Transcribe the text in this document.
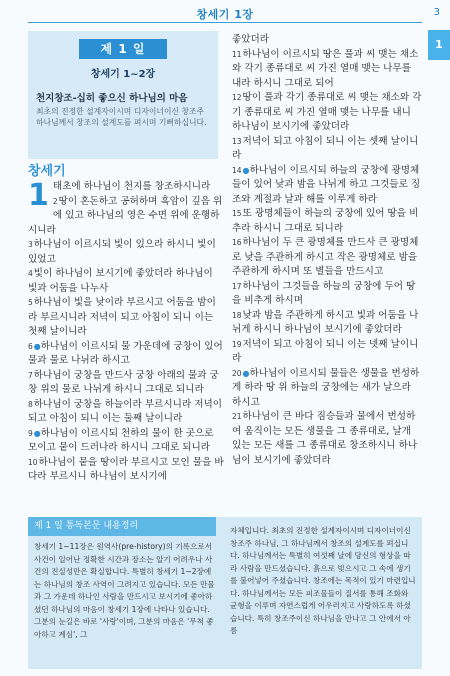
창세기 1장	3
1
제 1 일
창세기 1~2장
천지창조-십히 좋으신 하나님의 마음
최초의 진정한 설계자이시며 디자이너이신 창조주 하나님께서 창조의 설계도를 펴시며 기뻐하십니다.
창세기

1 태초에 하나님이 천지를 창조하시니라

2땅이 혼돈하고 공허하며 흑암이 깊음 위에 있고 하나님의 영은 수면 위에 운행하시니라

3하나님이 이르시되 빛이 있으라 하시니 빛이 있었고

4빛이 하나님이 보시기에 좋았더라 하나님이 빛과 어둠을 나누사

5하나님이 빛을 낮이라 부르시고 어둠을 밤이라 부르시니라 저녁이 되고 아침이 되니 이는 첫째 날이니라

6●하나님이 이르시되 물 가운데에 궁창이 있어 물과 물로 나뉘라 하시고

7하나님이 궁창을 만드사 궁창 아래의 물과 궁창 위의 물로 나뉘게 하시니 그대로 되니라

8하나님이 궁창을 하늘이라 부르시니라 저녁이 되고 아침이 되니 이는 둘째 날이니라

9●하나님이 이르시되 천하의 물이 한 곳으로 모이고 뭍이 드러나라 하시니 그대로 되니라

10하나님이 뭍을 땅이라 부르시고 모인 물을 바다라 부르시니 하나님이 보시기에

좋았더라

11하나님이 이르시되 땅은 풀과 씨 맺는 채소와 각기 종류대로 씨 가진 열매 맺는 나무를 내라 하시니 그대로 되어

12땅이 풀과 각기 종류대로 씨 맺는 채소와 각기 종류대로 씨 가진 열매 맺는 나무를 내니 하나님이 보시기에 좋았더라

13저녁이 되고 아침이 되니 이는 셋째 날이니라

14●하나님이 이르시되 하늘의 궁창에 광명체들이 있어 낮과 밤을 나뉘게 하고 그것들로 징조와 계절과 날과 해를 이루게 하라

15또 광명체들이 하늘의 궁창에 있어 땅을 비추라 하시니 그대로 되니라

16하나님이 두 큰 광명체를 만드사 큰 광명체로 낮을 주관하게 하시고 작은 광명체로 밤을 주관하게 하시며 또 별들을 만드시고

17하나님이 그것들을 하늘의 궁창에 두어 땅을 비추게 하시며

18낮과 밤을 주관하게 하시고 빛과 어둠을 나뉘게 하시니 하나님이 보시기에 좋았더라

19저녁이 되고 아침이 되니 이는 넷째 날이니라

20●하나님이 이르시되 물들은 생물을 번성하게 하라 땅 위 하늘의 궁창에는 새가 날으라 하시고

21하나님이 큰 바다 짐승들과 물에서 번성하여 움직이는 모든 생물을 그 종류대로, 날개 있는 모든 새를 그 종류대로 창조하시니 하나님이 보시기에 좋았더라

제 1 일 통독본문 내용정리
창세기 1~11장은 원역사(pre-history)의 기록으로서 사건이 일어난 정확한 시간과 장소는 알기 어려우나 사건의 진실성만은 확실합니다. 특별히 창세기 1~2장에는 하나님의 창조 사역이 그려지고 있습니다. 모든 만물과 그 가운데 하나인 사람을 만드시고 보시기에 좋아하셨던 하나님의 마음이 창세기 1장에 나타나 있습니다. 그분의 눈길은 바로 '사랑'이며, 그분의 마음은 '무척 좋아하고 계심', 그
자체입니다. 최초의 진정한 설계자이시며 디자이너이신 창조주 하나님, 그 하나님께서 창조의 설계도를 펴십니다. 하나님께서는 특별히 여섯째 날에 당신의 형상을 따라 사람을 만드셨습니다. 흙으로 빚으시고 그 속에 생기를 불어넣어 주셨습니다. 창조에는 목적이 있기 마련입니다. 하나님께서는 모든 피조물들이 질서를 통해 조화와 균형을 이루며 자연스럽게 어우러지고 사랑하도록 하셨습니다. 특히 창조주이신 하나님을 만나고 그 안에서 아름
